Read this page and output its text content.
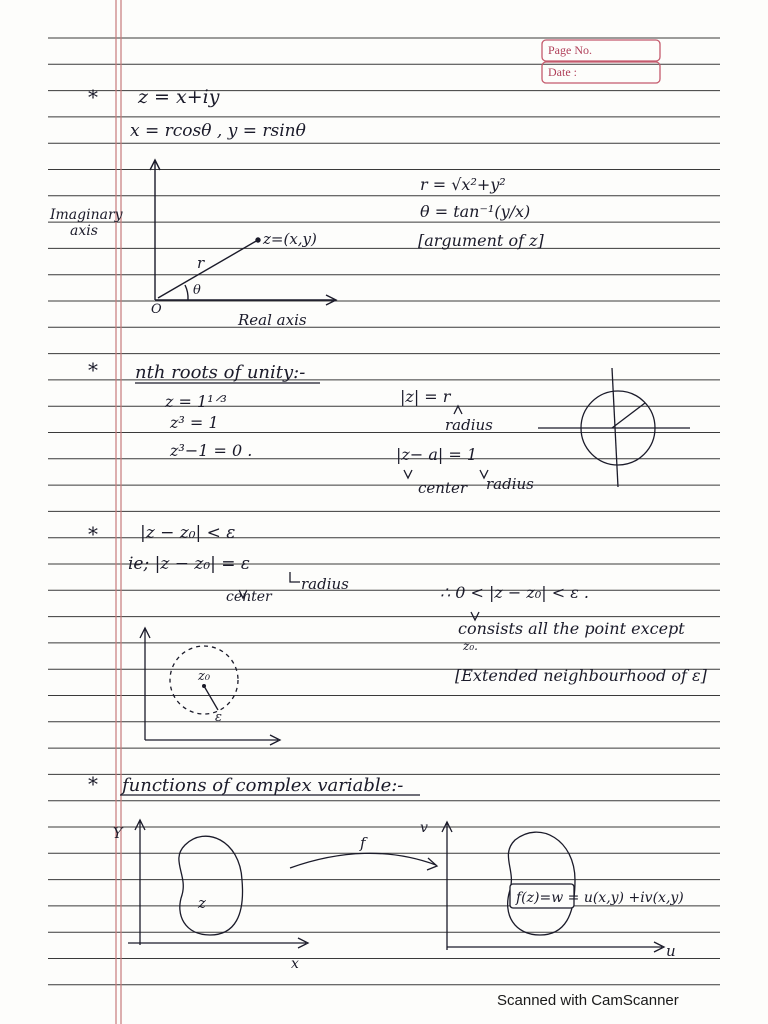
Page No.
Date :
* z = x+iy
x = rcosθ , y = rsinθ
Imaginary
axis
O
Real axis
z=(x,y)
r
θ
r = √x²+y²
θ = tan⁻¹(y/x)
[argument of z]
* nth roots of unity:-
z = 1¹ᐟ³
z³ = 1
z³−1 = 0 .
|z| = r
radius
|z− a| = 1
center radius
* |z − z₀| < ε
ie; |z − z₀| = ε
center
radius	∴ 0 < |z − z₀| < ε .
consists all the point except
z₀.
z₀
ε
[Extended neighbourhood of ε]
* functions of complex variable:-
Y
x
z
f
v
u
f(z)=w = u(x,y) +iv(x,y)
Scanned with CamScanner
